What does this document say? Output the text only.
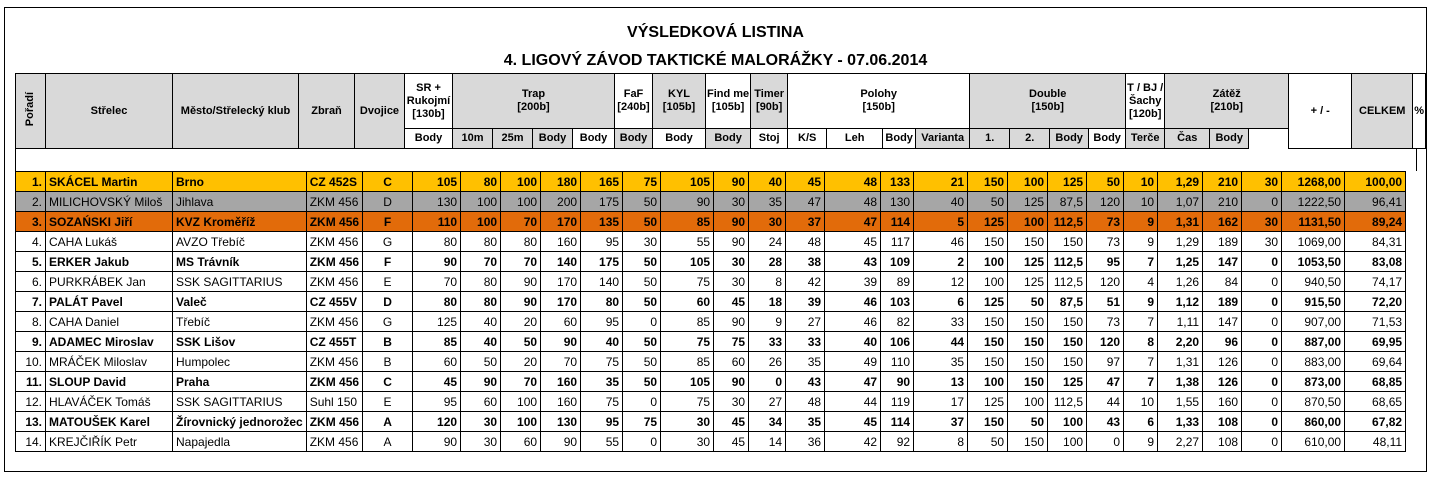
VÝSLEDKOVÁ LISTINA
4. LIGOVÝ ZÁVOD TAKTICKÉ MALORÁŽKY - 07.06.2014
Pořadí	Střelec	Město/Střelecký klub	Zbraň	Dvojice	SR +
Rukojmí
[130b]	Trap
[200b]				FaF
[240b]	KYL
[105b]	Find me
[105b]	Timer
[90b]	Polohy
[150b]				Double
[150b]				T / BJ /
Šachy
[120b]	Zátěž
[210b]		+ / -	CELKEM	%
					Body	10m	25m	Body	Body	Body	Body	Body	Stoj	K/S	Leh	Body	Varianta	1.	2.	Body	Body	Terče	Čas	Body			
1.	SKÁCEL Martin	Brno	CZ 452S	C	105	80	100	180	165	75	105	90	40	45	48	133	21	150	100	125	50	10	1,29	210	30	1268,00	100,00
2.	MILICHOVSKÝ Miloš	Jihlava	ZKM 456	D	130	100	100	200	175	50	90	30	35	47	48	130	40	50	125	87,5	120	10	1,07	210	0	1222,50	96,41
3.	SOZAŃSKI Jiří	KVZ Kroměříž	ZKM 456	F	110	100	70	170	135	50	85	90	30	37	47	114	5	125	100	112,5	73	9	1,31	162	30	1131,50	89,24
4.	CAHA Lukáš	AVZO Třebíč	ZKM 456	G	80	80	80	160	95	30	55	90	24	48	45	117	46	150	150	150	73	9	1,29	189	30	1069,00	84,31
5.	ERKER Jakub	MS Trávník	ZKM 456	F	90	70	70	140	175	50	105	30	28	38	43	109	2	100	125	112,5	95	7	1,25	147	0	1053,50	83,08
6.	PURKRÁBEK Jan	SSK SAGITTARIUS	ZKM 456	E	70	80	90	170	140	50	75	30	8	42	39	89	12	100	125	112,5	120	4	1,26	84	0	940,50	74,17
7.	PALÁT Pavel	Valeč	CZ 455V	D	80	80	90	170	80	50	60	45	18	39	46	103	6	125	50	87,5	51	9	1,12	189	0	915,50	72,20
8.	CAHA Daniel	Třebíč	ZKM 456	G	125	40	20	60	95	0	85	90	9	27	46	82	33	150	150	150	73	7	1,11	147	0	907,00	71,53
9.	ADAMEC Miroslav	SSK Lišov	CZ 455T	B	85	40	50	90	40	50	75	75	33	33	40	106	44	150	150	150	120	8	2,20	96	0	887,00	69,95
10.	MRÁČEK Miloslav	Humpolec	ZKM 456	B	60	50	20	70	75	50	85	60	26	35	49	110	35	150	150	150	97	7	1,31	126	0	883,00	69,64
11.	SLOUP David	Praha	ZKM 456	C	45	90	70	160	35	50	105	90	0	43	47	90	13	100	150	125	47	7	1,38	126	0	873,00	68,85
12.	HLAVÁČEK Tomáš	SSK SAGITTARIUS	Suhl 150	E	95	60	100	160	75	0	75	30	27	48	44	119	17	125	100	112,5	44	10	1,55	160	0	870,50	68,65
13.	MATOUŠEK Karel	Žírovnický jednorožec	ZKM 456	A	120	30	100	130	95	75	30	45	34	35	45	114	37	150	50	100	43	6	1,33	108	0	860,00	67,82
14.	KREJČIŘÍK Petr	Napajedla	ZKM 456	A	90	30	60	90	55	0	30	45	14	36	42	92	8	50	150	100	0	9	2,27	108	0	610,00	48,11
